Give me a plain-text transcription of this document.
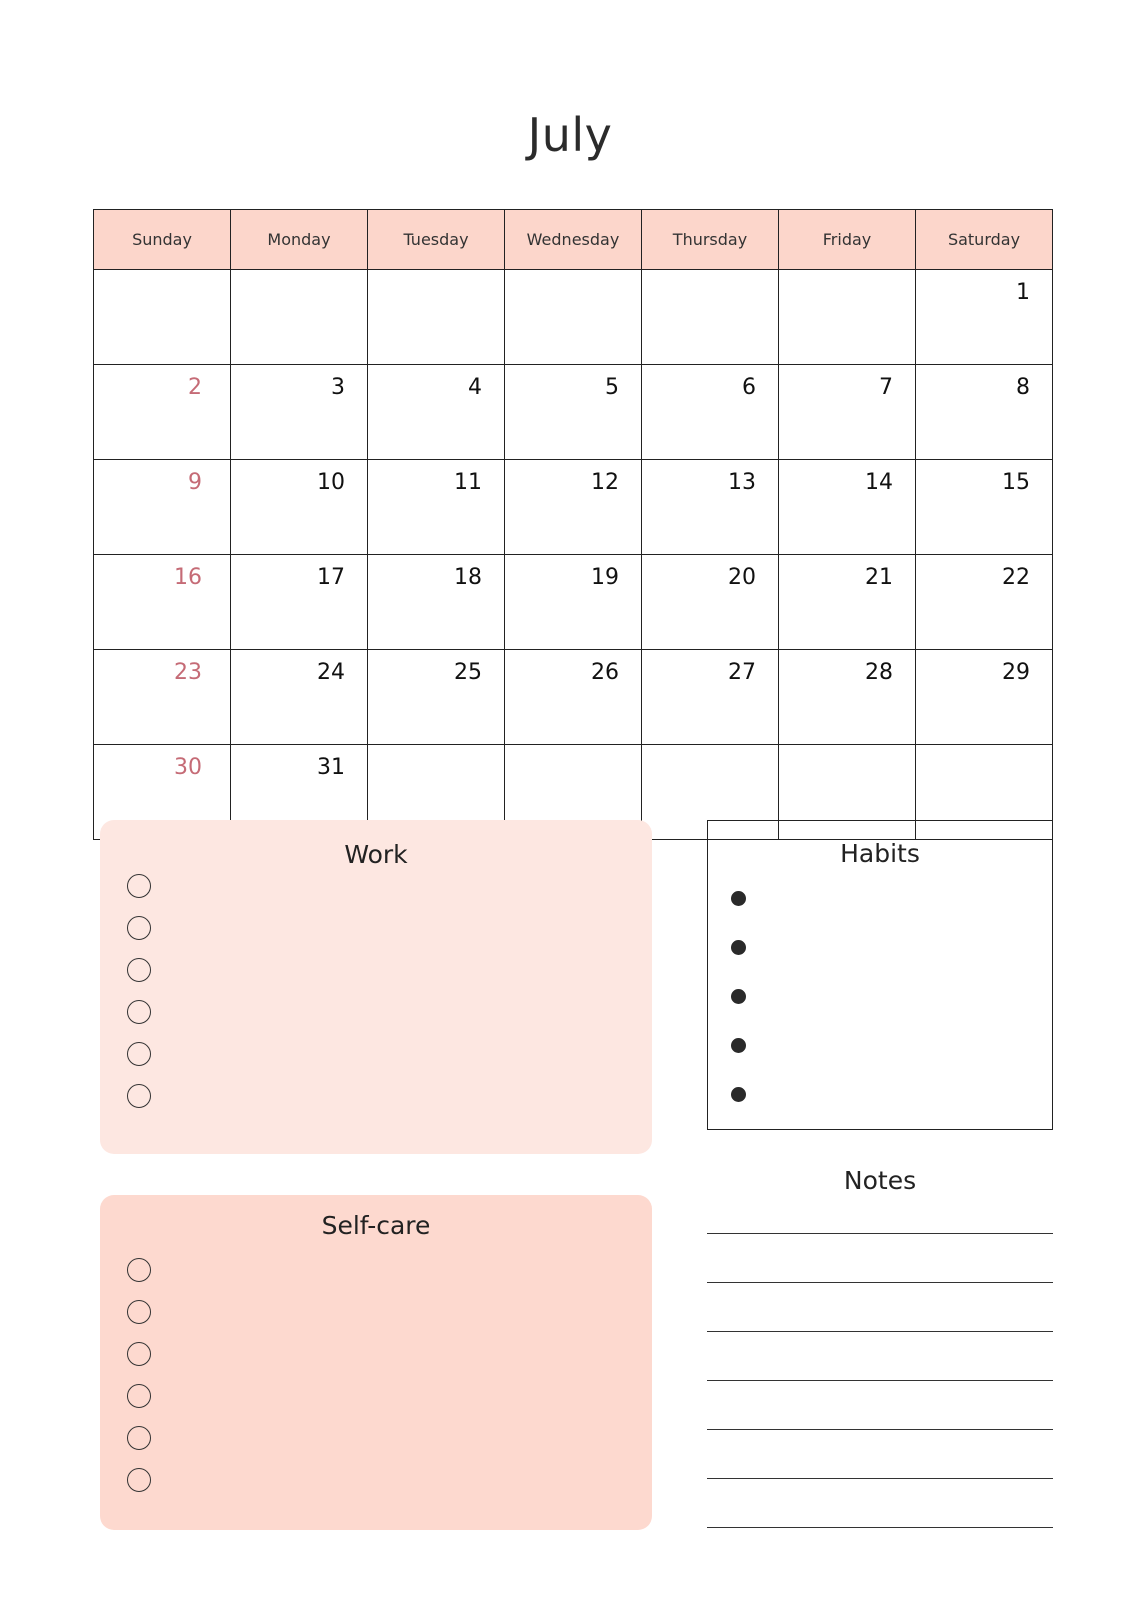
July
Sunday	Monday	Tuesday	Wednesday	Thursday	Friday	Saturday
						1
2	3	4	5	6	7	8
9	10	11	12	13	14	15
16	17	18	19	20	21	22
23	24	25	26	27	28	29
30	31					
Work
Self-care
Habits
Notes
